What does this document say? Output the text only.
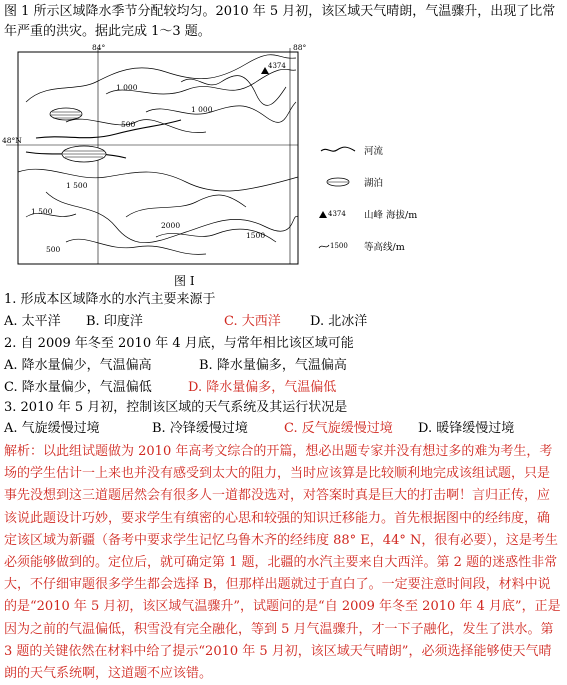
图 1 所示区域降水季节分配较均匀。2010 年 5 月初，该区域天气晴朗，气温骤升，出现了比常年严重的洪灾。据此完成 1～3 题。
84°	88°
48°N
4374
1 000
500
1 000
1 500
1 500
2000
1500
500
河流
湖泊
4374 山峰 海拔/m
1500 等高线/m
图 I
1. 形成本区域降水的水汽主要来源于
A. 太平洋 B. 印度洋	C. 大西洋 D. 北冰洋
2. 自 2009 年冬至 2010 年 4 月底，与常年相比该区域可能
A. 降水量偏少，气温偏高	B. 降水量偏多，气温偏高
C. 降水量偏少，气温偏低	D. 降水量偏多，气温偏低
3. 2010 年 5 月初，控制该区域的天气系统及其运行状况是
A. 气旋缓慢过境	B. 冷锋缓慢过境	C. 反气旋缓慢过境 D. 暖锋缓慢过境
解析：以此组试题做为 2010 年高考文综合的开篇，想必出题专家并没有想过多的难为考生，考场的学生估计一上来也并没有感受到太大的阻力，当时应该算是比较顺利地完成该组试题，只是事先没想到这三道题居然会有很多人一道都没选对，对答案时真是巨大的打击啊！言归正传，应该说此题设计巧妙，要求学生有缜密的心思和较强的知识迁移能力。首先根据图中的经纬度，确定该区域为新疆（备考中要求学生记忆乌鲁木齐的经纬度 88° E，44° N，很有必要），这是考生必须能够做到的。定位后，就可确定第 1 题，北疆的水汽主要来自大西洋。第 2 题的迷惑性非常大，不仔细审题很多学生都会选择 B，但那样出题就过于直白了。一定要注意时间段，材料中说的是“2010 年 5 月初，该区域气温骤升”，试题问的是“自 2009 年冬至 2010 年 4 月底”，正是因为之前的气温偏低，积雪没有完全融化，等到 5 月气温骤升，才一下子融化，发生了洪水。第 3 题的关键依然在材料中给了提示“2010 年 5 月初，该区域天气晴朗”，必须选择能够使天气晴朗的天气系统啊，这道题不应该错。
